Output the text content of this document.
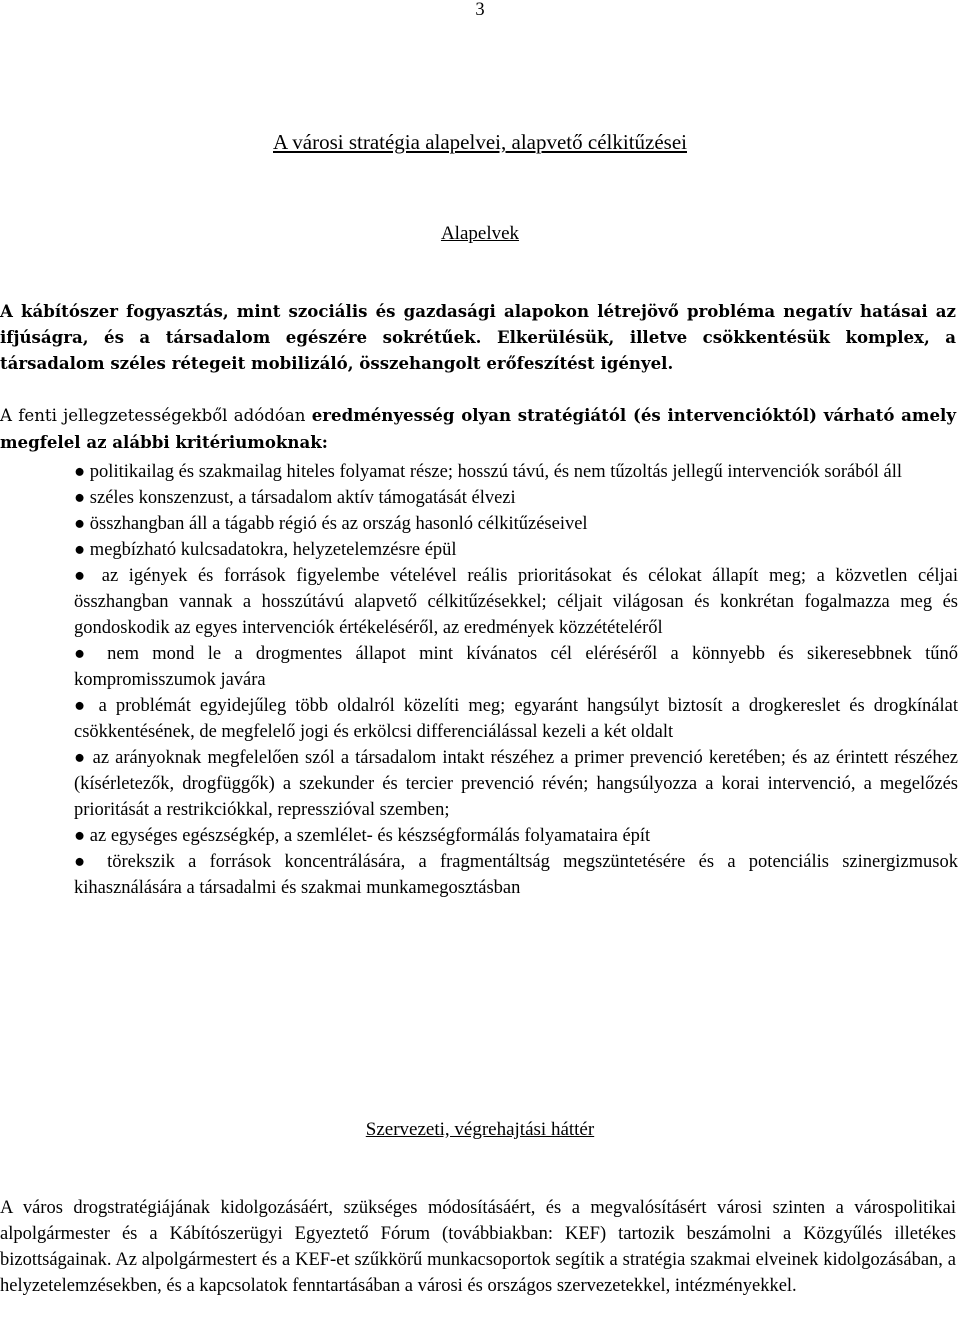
3
A városi stratégia alapelvei, alapvető célkitűzései
Alapelvek
A kábítószer fogyasztás, mint szociális és gazdasági alapokon létrejövő probléma negatív hatásai az ifjúságra, és a társadalom egészére sokrétűek. Elkerülésük, illetve csökkentésük komplex, a társadalom széles rétegeit mobilizáló, összehangolt erőfeszítést igényel.
A fenti jellegzetességekből adódóan eredményesség olyan stratégiától (és intervencióktól) várható amely megfelel az alábbi kritériumoknak:

● politikailag és szakmailag hiteles folyamat része; hosszú távú, és nem tűzoltás jellegű intervenciók sorából áll

● széles konszenzust, a társadalom aktív támogatását élvezi

● összhangban áll a tágabb régió és az ország hasonló célkitűzéseivel

● megbízható kulcsadatokra, helyzetelemzésre épül

● az igények és források figyelembe vételével reális prioritásokat és célokat állapít meg; a közvetlen céljai összhangban vannak a hosszútávú alapvető célkitűzésekkel; céljait világosan és konkrétan fogalmazza meg és gondoskodik az egyes intervenciók értékeléséről, az eredmények közzétételéről

● nem mond le a drogmentes állapot mint kívánatos cél eléréséről a könnyebb és sikeresebbnek tűnő kompromisszumok javára

● a problémát egyidejűleg több oldalról közelíti meg; egyaránt hangsúlyt biztosít a drogkereslet és drogkínálat csökkentésének, de megfelelő jogi és erkölcsi differenciálással kezeli a két oldalt

● az arányoknak megfelelően szól a társadalom intakt részéhez a primer prevenció keretében; és az érintett részéhez (kísérletezők, drogfüggők) a szekunder és tercier prevenció révén; hangsúlyozza a korai intervenció, a megelőzés prioritását a restrikciókkal, represszióval szemben;

● az egységes egészségkép, a szemlélet- és készségformálás folyamataira épít

● törekszik a források koncentrálására, a fragmentáltság megszüntetésére és a potenciális szinergizmusok kihasználására a társadalmi és szakmai munkamegosztásban

Szervezeti, végrehajtási háttér
A város drogstratégiájának kidolgozásáért, szükséges módosításáért, és a megvalósításért városi szinten a várospolitikai alpolgármester és a Kábítószerügyi Egyeztető Fórum (továbbiakban: KEF) tartozik beszámolni a Közgyűlés illetékes bizottságainak. Az alpolgármestert és a KEF-et szűkkörű munkacsoportok segítik a stratégia szakmai elveinek kidolgozásában, a helyzetelemzésekben, és a kapcsolatok fenntartásában a városi és országos szervezetekkel, intézményekkel.
